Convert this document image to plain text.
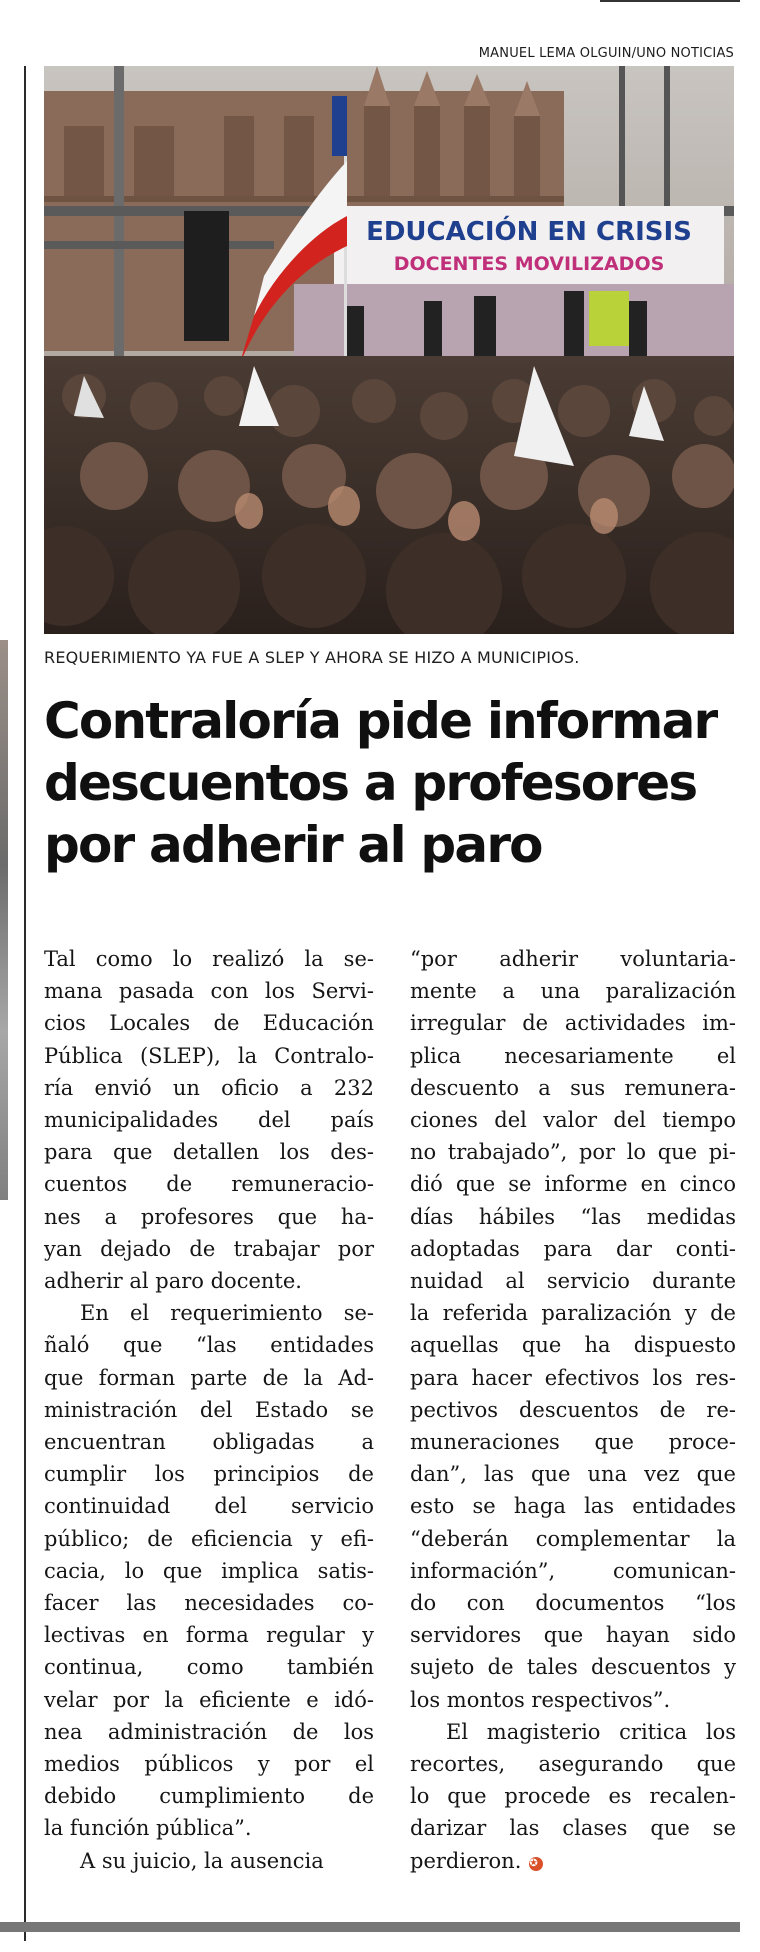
MANUEL LEMA OLGUIN/UNO NOTICIAS
EDUCACIÓN EN CRISIS
DOCENTES MOVILIZADOS
REQUERIMIENTO YA FUE A SLEP Y AHORA SE HIZO A MUNICIPIOS.
Contraloría pide informar
descuentos a profesores
por adherir al paro
Tal como lo realizó la se-
mana pasada con los Servi-
cios Locales de Educación
Pública (SLEP), la Contralo-
ría envió un oficio a 232
municipalidades del país
para que detallen los des-
cuentos de remuneracio-
nes a profesores que ha-
yan dejado de trabajar por
adherir al paro docente.
En el requerimiento se-
ñaló que “las entidades
que forman parte de la Ad-
ministración del Estado se
encuentran obligadas a
cumplir los principios de
continuidad del servicio
público; de eficiencia y efi-
cacia, lo que implica satis-
facer las necesidades co-
lectivas en forma regular y
continua, como también
velar por la eficiente e idó-
nea administración de los
medios públicos y por el
debido cumplimiento de
la función pública”.
A su juicio, la ausencia
“por adherir voluntaria-
mente a una paralización
irregular de actividades im-
plica necesariamente el
descuento a sus remunera-
ciones del valor del tiempo
no trabajado”, por lo que pi-
dió que se informe en cinco
días hábiles “las medidas
adoptadas para dar conti-
nuidad al servicio durante
la referida paralización y de
aquellas que ha dispuesto
para hacer efectivos los res-
pectivos descuentos de re-
muneraciones que proce-
dan”, las que una vez que
esto se haga las entidades
“deberán complementar la
información”, comunican-
do con documentos “los
servidores que hayan sido
sujeto de tales descuentos y
los montos respectivos”.
El magisterio critica los
recortes, asegurando que
lo que procede es recalen-
darizar las clases que se
perdieron. ✪
